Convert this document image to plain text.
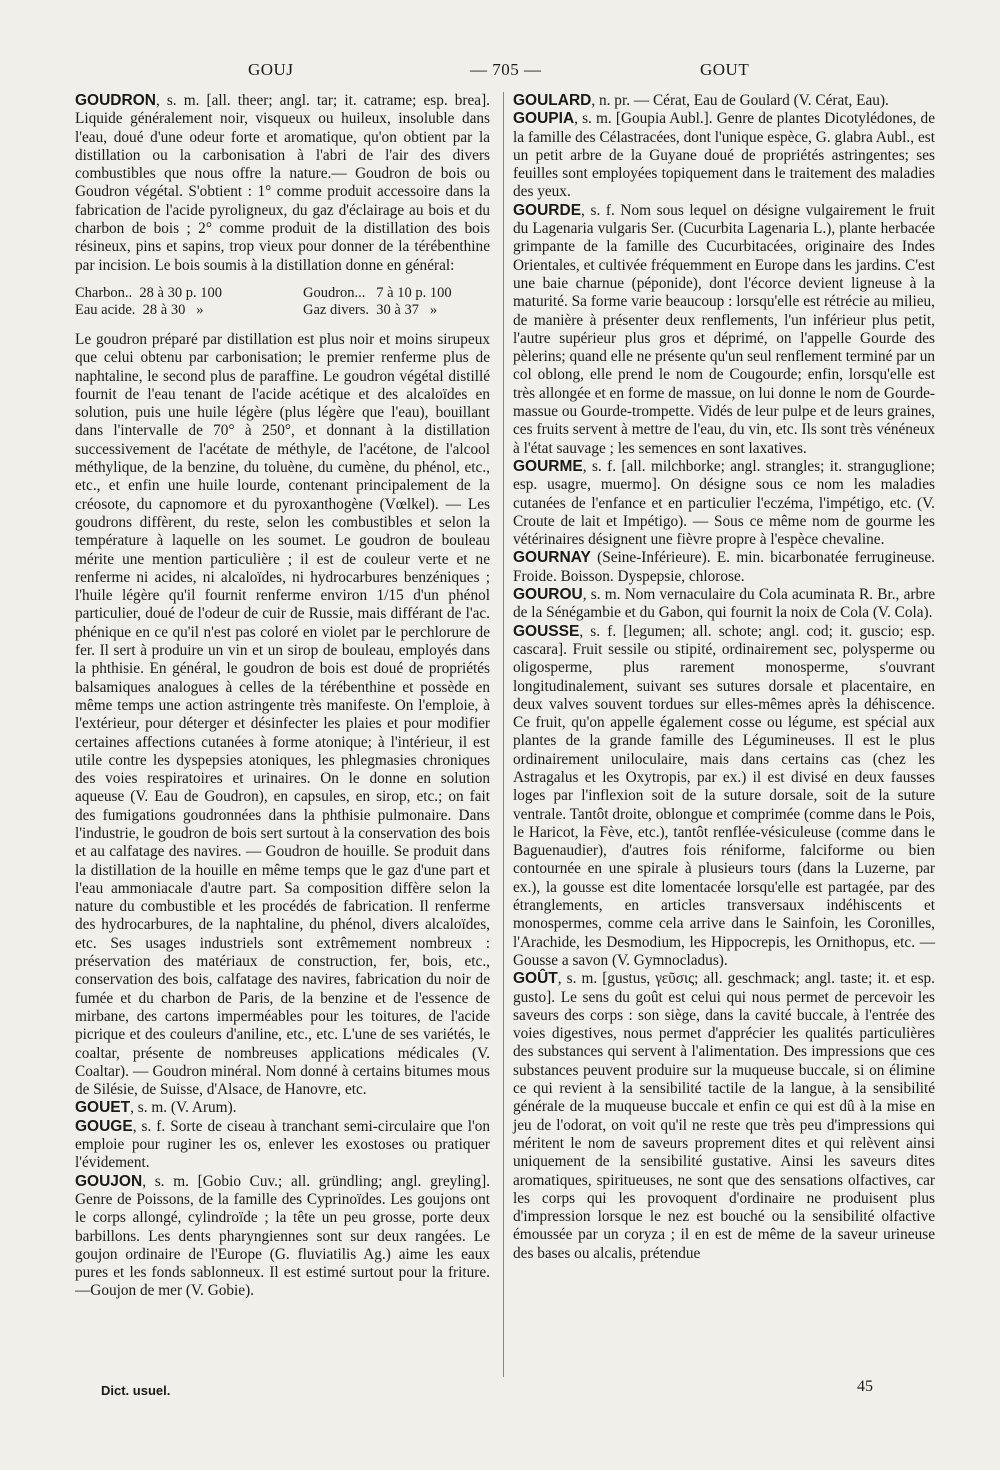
GOUJ	— 705 —	GOUT

GOUDRON, s. m. [all. theer; angl. tar; it. catrame; esp. brea]. Liquide généralement noir, visqueux ou huileux, insoluble dans l'eau, doué d'une odeur forte et aromatique, qu'on obtient par la distillation ou la carbonisation à l'abri de l'air des divers combustibles que nous offre la nature.— Goudron de bois ou Goudron végétal. S'obtient : 1° comme produit accessoire dans la fabrication de l'acide pyroligneux, du gaz d'éclairage au bois et du charbon de bois ; 2° comme produit de la distillation des bois résineux, pins et sapins, trop vieux pour donner de la térébenthine par incision. Le bois soumis à la distillation donne en général:

Charbon..  28 à 30 p. 100	Goudron...   7 à 10 p. 100
Eau acide.  28 à 30   »	Gaz divers.  30 à 37   »

Le goudron préparé par distillation est plus noir et moins sirupeux que celui obtenu par carbonisation; le premier renferme plus de naphtaline, le second plus de paraffine. Le goudron végétal distillé fournit de l'eau tenant de l'acide acétique et des alcaloïdes en solution, puis une huile légère (plus légère que l'eau), bouillant dans l'intervalle de 70° à 250°, et donnant à la distillation successivement de l'acétate de méthyle, de l'acétone, de l'alcool méthylique, de la benzine, du toluène, du cumène, du phénol, etc., etc., et enfin une huile lourde, contenant principalement de la créosote, du capnomore et du pyroxanthogène (Vœlkel). — Les goudrons diffèrent, du reste, selon les combustibles et selon la température à laquelle on les soumet. Le goudron de bouleau mérite une mention particulière ; il est de couleur verte et ne renferme ni acides, ni alcaloïdes, ni hydrocarbures benzéniques ; l'huile légère qu'il fournit renferme environ 1/15 d'un phénol particulier, doué de l'odeur de cuir de Russie, mais différant de l'ac. phénique en ce qu'il n'est pas coloré en violet par le perchlorure de fer. Il sert à produire un vin et un sirop de bouleau, employés dans la phthisie. En général, le goudron de bois est doué de propriétés balsamiques analogues à celles de la térébenthine et possède en même temps une action astringente très manifeste. On l'emploie, à l'extérieur, pour déterger et désinfecter les plaies et pour modifier certaines affections cutanées à forme atonique; à l'intérieur, il est utile contre les dyspepsies atoniques, les phlegmasies chroniques des voies respiratoires et urinaires. On le donne en solution aqueuse (V. Eau de Goudron), en capsules, en sirop, etc.; on fait des fumigations goudronnées dans la phthisie pulmonaire. Dans l'industrie, le goudron de bois sert surtout à la conservation des bois et au calfatage des navires. — Goudron de houille. Se produit dans la distillation de la houille en même temps que le gaz d'une part et l'eau ammoniacale d'autre part. Sa composition diffère selon la nature du combustible et les procédés de fabrication. Il renferme des hydrocarbures, de la naphtaline, du phénol, divers alcaloïdes, etc. Ses usages industriels sont extrêmement nombreux : préservation des matériaux de construction, fer, bois, etc., conservation des bois, calfatage des navires, fabrication du noir de fumée et du charbon de Paris, de la benzine et de l'essence de mirbane, des cartons imperméables pour les toitures, de l'acide picrique et des couleurs d'aniline, etc., etc. L'une de ses variétés, le coaltar, présente de nombreuses applications médicales (V. Coaltar). — Goudron minéral. Nom donné à certains bitumes mous de Silésie, de Suisse, d'Alsace, de Hanovre, etc.

GOUET, s. m. (V. Arum).

GOUGE, s. f. Sorte de ciseau à tranchant semi-circulaire que l'on emploie pour ruginer les os, enlever les exostoses ou pratiquer l'évidement.

GOUJON, s. m. [Gobio Cuv.; all. gründling; angl. greyling]. Genre de Poissons, de la famille des Cyprinoïdes. Les goujons ont le corps allongé, cylindroïde ; la tête un peu grosse, porte deux barbillons. Les dents pharyngiennes sont sur deux rangées. Le goujon ordinaire de l'Europe (G. fluviatilis Ag.) aime les eaux pures et les fonds sablonneux. Il est estimé surtout pour la friture. —Goujon de mer (V. Gobie).

GOULARD, n. pr. — Cérat, Eau de Goulard (V. Cérat, Eau).

GOUPIA, s. m. [Goupia Aubl.]. Genre de plantes Dicotylédones, de la famille des Célastracées, dont l'unique espèce, G. glabra Aubl., est un petit arbre de la Guyane doué de propriétés astringentes; ses feuilles sont employées topiquement dans le traitement des maladies des yeux.

GOURDE, s. f. Nom sous lequel on désigne vulgairement le fruit du Lagenaria vulgaris Ser. (Cucurbita Lagenaria L.), plante herbacée grimpante de la famille des Cucurbitacées, originaire des Indes Orientales, et cultivée fréquemment en Europe dans les jardins. C'est une baie charnue (péponide), dont l'écorce devient ligneuse à la maturité. Sa forme varie beaucoup : lorsqu'elle est rétrécie au milieu, de manière à présenter deux renflements, l'un inférieur plus petit, l'autre supérieur plus gros et déprimé, on l'appelle Gourde des pèlerins; quand elle ne présente qu'un seul renflement terminé par un col oblong, elle prend le nom de Cougourde; enfin, lorsqu'elle est très allongée et en forme de massue, on lui donne le nom de Gourde-massue ou Gourde-trompette. Vidés de leur pulpe et de leurs graines, ces fruits servent à mettre de l'eau, du vin, etc. Ils sont très vénéneux à l'état sauvage ; les semences en sont laxatives.

GOURME, s. f. [all. milchborke; angl. strangles; it. stranguglione; esp. usagre, muermo]. On désigne sous ce nom les maladies cutanées de l'enfance et en particulier l'eczéma, l'impétigo, etc. (V. Croute de lait et Impétigo). — Sous ce même nom de gourme les vétérinaires désignent une fièvre propre à l'espèce chevaline.

GOURNAY (Seine-Inférieure). E. min. bicarbonatée ferrugineuse. Froide. Boisson. Dyspepsie, chlorose.

GOUROU, s. m. Nom vernaculaire du Cola acuminata R. Br., arbre de la Sénégambie et du Gabon, qui fournit la noix de Cola (V. Cola).

GOUSSE, s. f. [legumen; all. schote; angl. cod; it. guscio; esp. cascara]. Fruit sessile ou stipité, ordinairement sec, polysperme ou oligosperme, plus rarement monosperme, s'ouvrant longitudinalement, suivant ses sutures dorsale et placentaire, en deux valves souvent tordues sur elles-mêmes après la déhiscence. Ce fruit, qu'on appelle également cosse ou légume, est spécial aux plantes de la grande famille des Légumineuses. Il est le plus ordinairement uniloculaire, mais dans certains cas (chez les Astragalus et les Oxytropis, par ex.) il est divisé en deux fausses loges par l'inflexion soit de la suture dorsale, soit de la suture ventrale. Tantôt droite, oblongue et comprimée (comme dans le Pois, le Haricot, la Fève, etc.), tantôt renflée-vésiculeuse (comme dans le Baguenaudier), d'autres fois réniforme, falciforme ou bien contournée en une spirale à plusieurs tours (dans la Luzerne, par ex.), la gousse est dite lomentacée lorsqu'elle est partagée, par des étranglements, en articles transversaux indéhiscents et monospermes, comme cela arrive dans le Sainfoin, les Coronilles, l'Arachide, les Desmodium, les Hippocrepis, les Ornithopus, etc. — Gousse a savon (V. Gymnocladus).

GOÛT, s. m. [gustus, γεῦσις; all. geschmack; angl. taste; it. et esp. gusto]. Le sens du goût est celui qui nous permet de percevoir les saveurs des corps : son siège, dans la cavité buccale, à l'entrée des voies digestives, nous permet d'apprécier les qualités particulières des substances qui servent à l'alimentation. Des impressions que ces substances peuvent produire sur la muqueuse buccale, si on élimine ce qui revient à la sensibilité tactile de la langue, à la sensibilité générale de la muqueuse buccale et enfin ce qui est dû à la mise en jeu de l'odorat, on voit qu'il ne reste que très peu d'impressions qui méritent le nom de saveurs proprement dites et qui relèvent ainsi uniquement de la sensibilité gustative. Ainsi les saveurs dites aromatiques, spiritueuses, ne sont que des sensations olfactives, car les corps qui les provoquent d'ordinaire ne produisent plus d'impression lorsque le nez est bouché ou la sensibilité olfactive émoussée par un coryza ; il en est de même de la saveur urineuse des bases ou alcalis, prétendue

Dict. usuel.	45
